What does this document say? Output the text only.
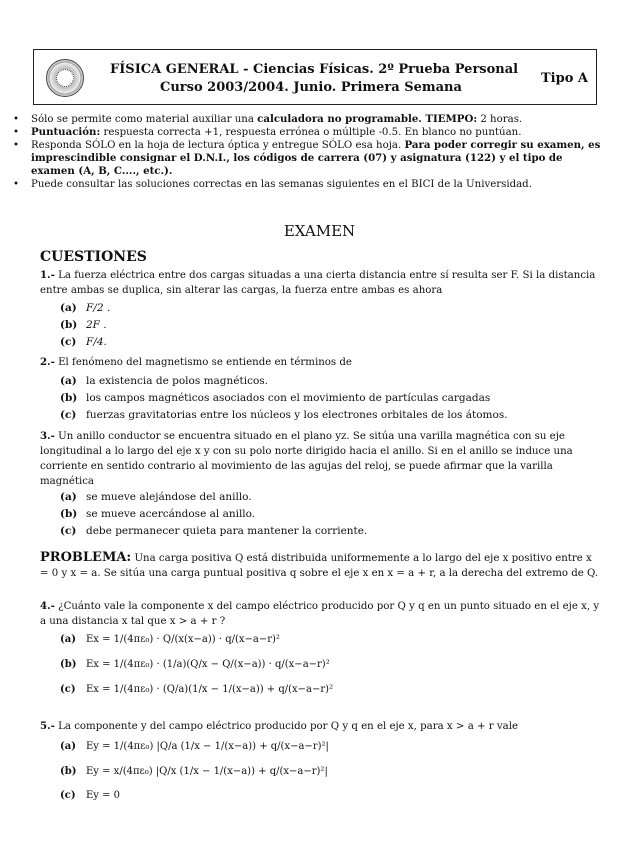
FÍSICA GENERAL - Ciencias Físicas. 2º Prueba Personal
Curso 2003/2004. Junio. Primera Semana
Tipo A
• Sólo se permite como material auxiliar una calculadora no programable. TIEMPO: 2 horas.
• Puntuación: respuesta correcta +1, respuesta errónea o múltiple -0.5. En blanco no puntúan.
• Responda SÓLO en la hoja de lectura óptica y entregue SÓLO esa hoja. Para poder corregir su examen, es imprescindible consignar el D.N.I., los códigos de carrera (07) y asignatura (122) y el tipo de examen (A, B, C...., etc.).
• Puede consultar las soluciones correctas en las semanas siguientes en el BICI de la Universidad.
EXAMEN
CUESTIONES
1.- La fuerza eléctrica entre dos cargas situadas a una cierta distancia entre sí resulta ser F. Si la distancia entre ambas se duplica, sin alterar las cargas, la fuerza entre ambas es ahora
(a) F/2 .
(b) 2F .
(c) F/4.
2.- El fenómeno del magnetismo se entiende en términos de
(a) la existencia de polos magnéticos.
(b) los campos magnéticos asociados con el movimiento de partículas cargadas
(c) fuerzas gravitatorias entre los núcleos y los electrones orbitales de los átomos.
3.- Un anillo conductor se encuentra situado en el plano yz. Se sitúa una varilla magnética con su eje longitudinal a lo largo del eje x y con su polo norte dirigido hacia el anillo. Si en el anillo se induce una corriente en sentido contrario al movimiento de las agujas del reloj, se puede afirmar que la varilla magnética
(a) se mueve alejándose del anillo.
(b) se mueve acercándose al anillo.
(c) debe permanecer quieta para mantener la corriente.
PROBLEMA: Una carga positiva Q está distribuida uniformemente a lo largo del eje x positivo entre x = 0 y x = a. Se sitúa una carga puntual positiva q sobre el eje x en x = a + r, a la derecha del extremo de Q.
4.- ¿Cuánto vale la componente x del campo eléctrico producido por Q y q en un punto situado en el eje x, y a una distancia x tal que x > a + r ?
(a) Ex = 1/(4πε₀) · Q/(x(x−a)) · q/(x−a−r)²
(b) Ex = 1/(4πε₀) · (1/a)(Q/x − Q/(x−a)) · q/(x−a−r)²
(c) Ex = 1/(4πε₀) · (Q/a)(1/x − 1/(x−a)) + q/(x−a−r)²
5.- La componente y del campo eléctrico producido por Q y q en el eje x, para x > a + r vale
(a) Ey = 1/(4πε₀) |Q/a (1/x − 1/(x−a)) + q/(x−a−r)²|
(b) Ey = x/(4πε₀) |Q/x (1/x − 1/(x−a)) + q/(x−a−r)²|
(c) Ey = 0
